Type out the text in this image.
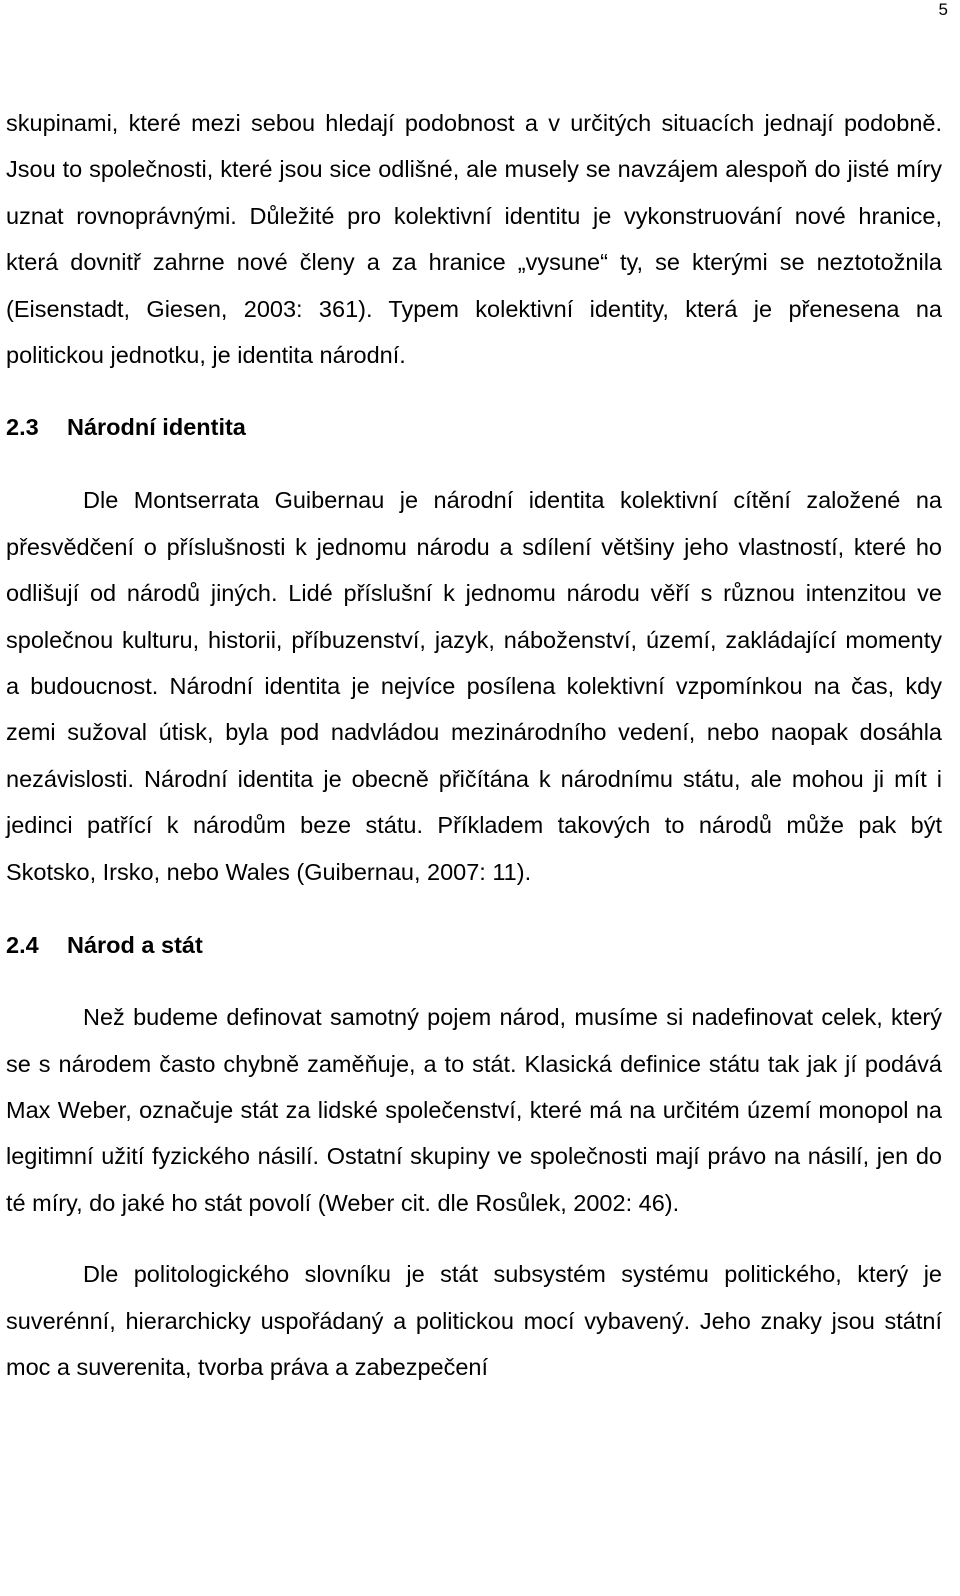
5

skupinami, které mezi sebou hledají podobnost a v určitých situacích jednají podobně. Jsou to společnosti, které jsou sice odlišné, ale musely se navzájem alespoň do jisté míry uznat rovnoprávnými. Důležité pro kolektivní identitu je vykonstruování nové hranice, která dovnitř zahrne nové členy a za hranice „vysune“ ty, se kterými se neztotožnila (Eisenstadt, Giesen, 2003: 361). Typem kolektivní identity, která je přenesena na politickou jednotku, je identita národní.

2.3 Národní identita

Dle Montserrata Guibernau je národní identita kolektivní cítění založené na přesvědčení o příslušnosti k jednomu národu a sdílení většiny jeho vlastností, které ho odlišují od národů jiných. Lidé příslušní k jednomu národu věří s různou intenzitou ve společnou kulturu, historii, příbuzenství, jazyk, náboženství, území, zakládající momenty a budoucnost. Národní identita je nejvíce posílena kolektivní vzpomínkou na čas, kdy zemi sužoval útisk, byla pod nadvládou mezinárodního vedení, nebo naopak dosáhla nezávislosti. Národní identita je obecně přičítána k národnímu státu, ale mohou ji mít i jedinci patřící k národům beze státu. Příkladem takových to národů může pak být Skotsko, Irsko, nebo Wales (Guibernau, 2007: 11).

2.4 Národ a stát

Než budeme definovat samotný pojem národ, musíme si nadefinovat celek, který se s národem často chybně zaměňuje, a to stát. Klasická definice státu tak jak jí podává Max Weber, označuje stát za lidské společenství, které má na určitém území monopol na legitimní užití fyzického násilí. Ostatní skupiny ve společnosti mají právo na násilí, jen do té míry, do jaké ho stát povolí (Weber cit. dle Rosůlek, 2002: 46).

Dle politologického slovníku je stát subsystém systému politického, který je suverénní, hierarchicky uspořádaný a politickou mocí vybavený. Jeho znaky jsou státní moc a suverenita, tvorba práva a zabezpečení
